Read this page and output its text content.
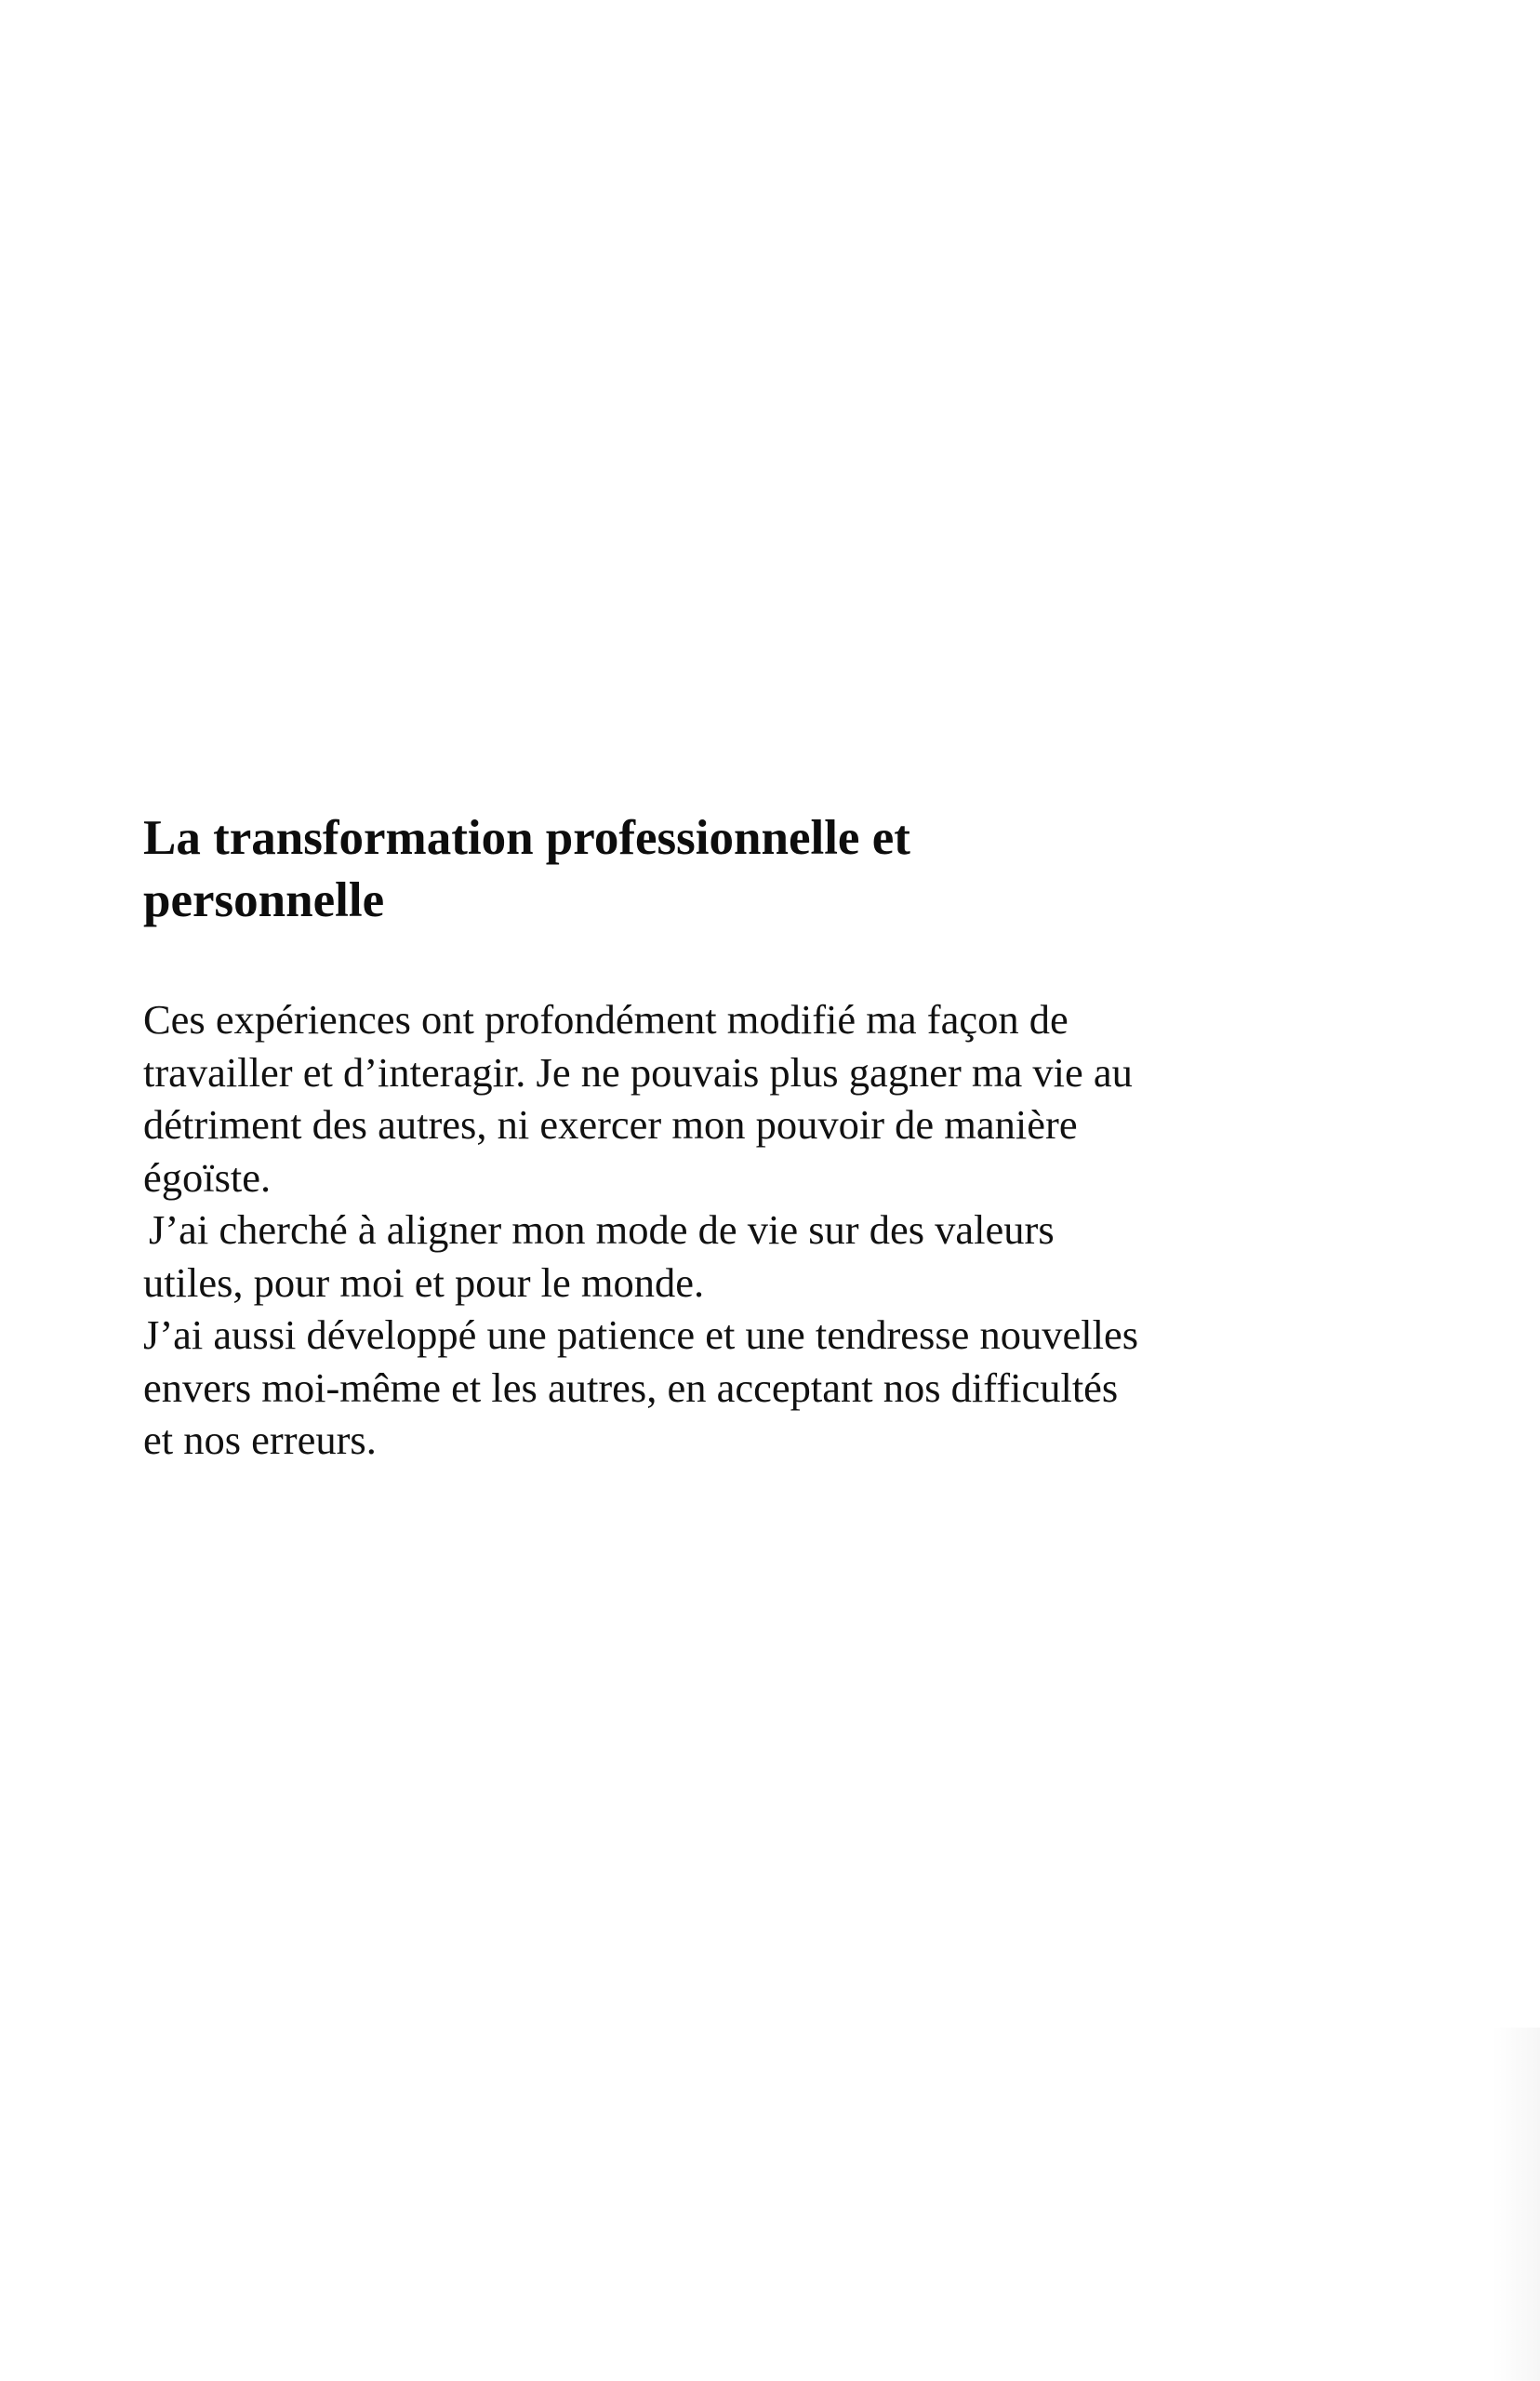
La transformation professionnelle et
personnelle
Ces expériences ont profondément modifié ma façon de
travailler et d’interagir. Je ne pouvais plus gagner ma vie au
détriment des autres, ni exercer mon pouvoir de manière
égoïste.
J’ai cherché à aligner mon mode de vie sur des valeurs
utiles, pour moi et pour le monde.
J’ai aussi développé une patience et une tendresse nouvelles
envers moi-même et les autres, en acceptant nos difficultés
et nos erreurs.
